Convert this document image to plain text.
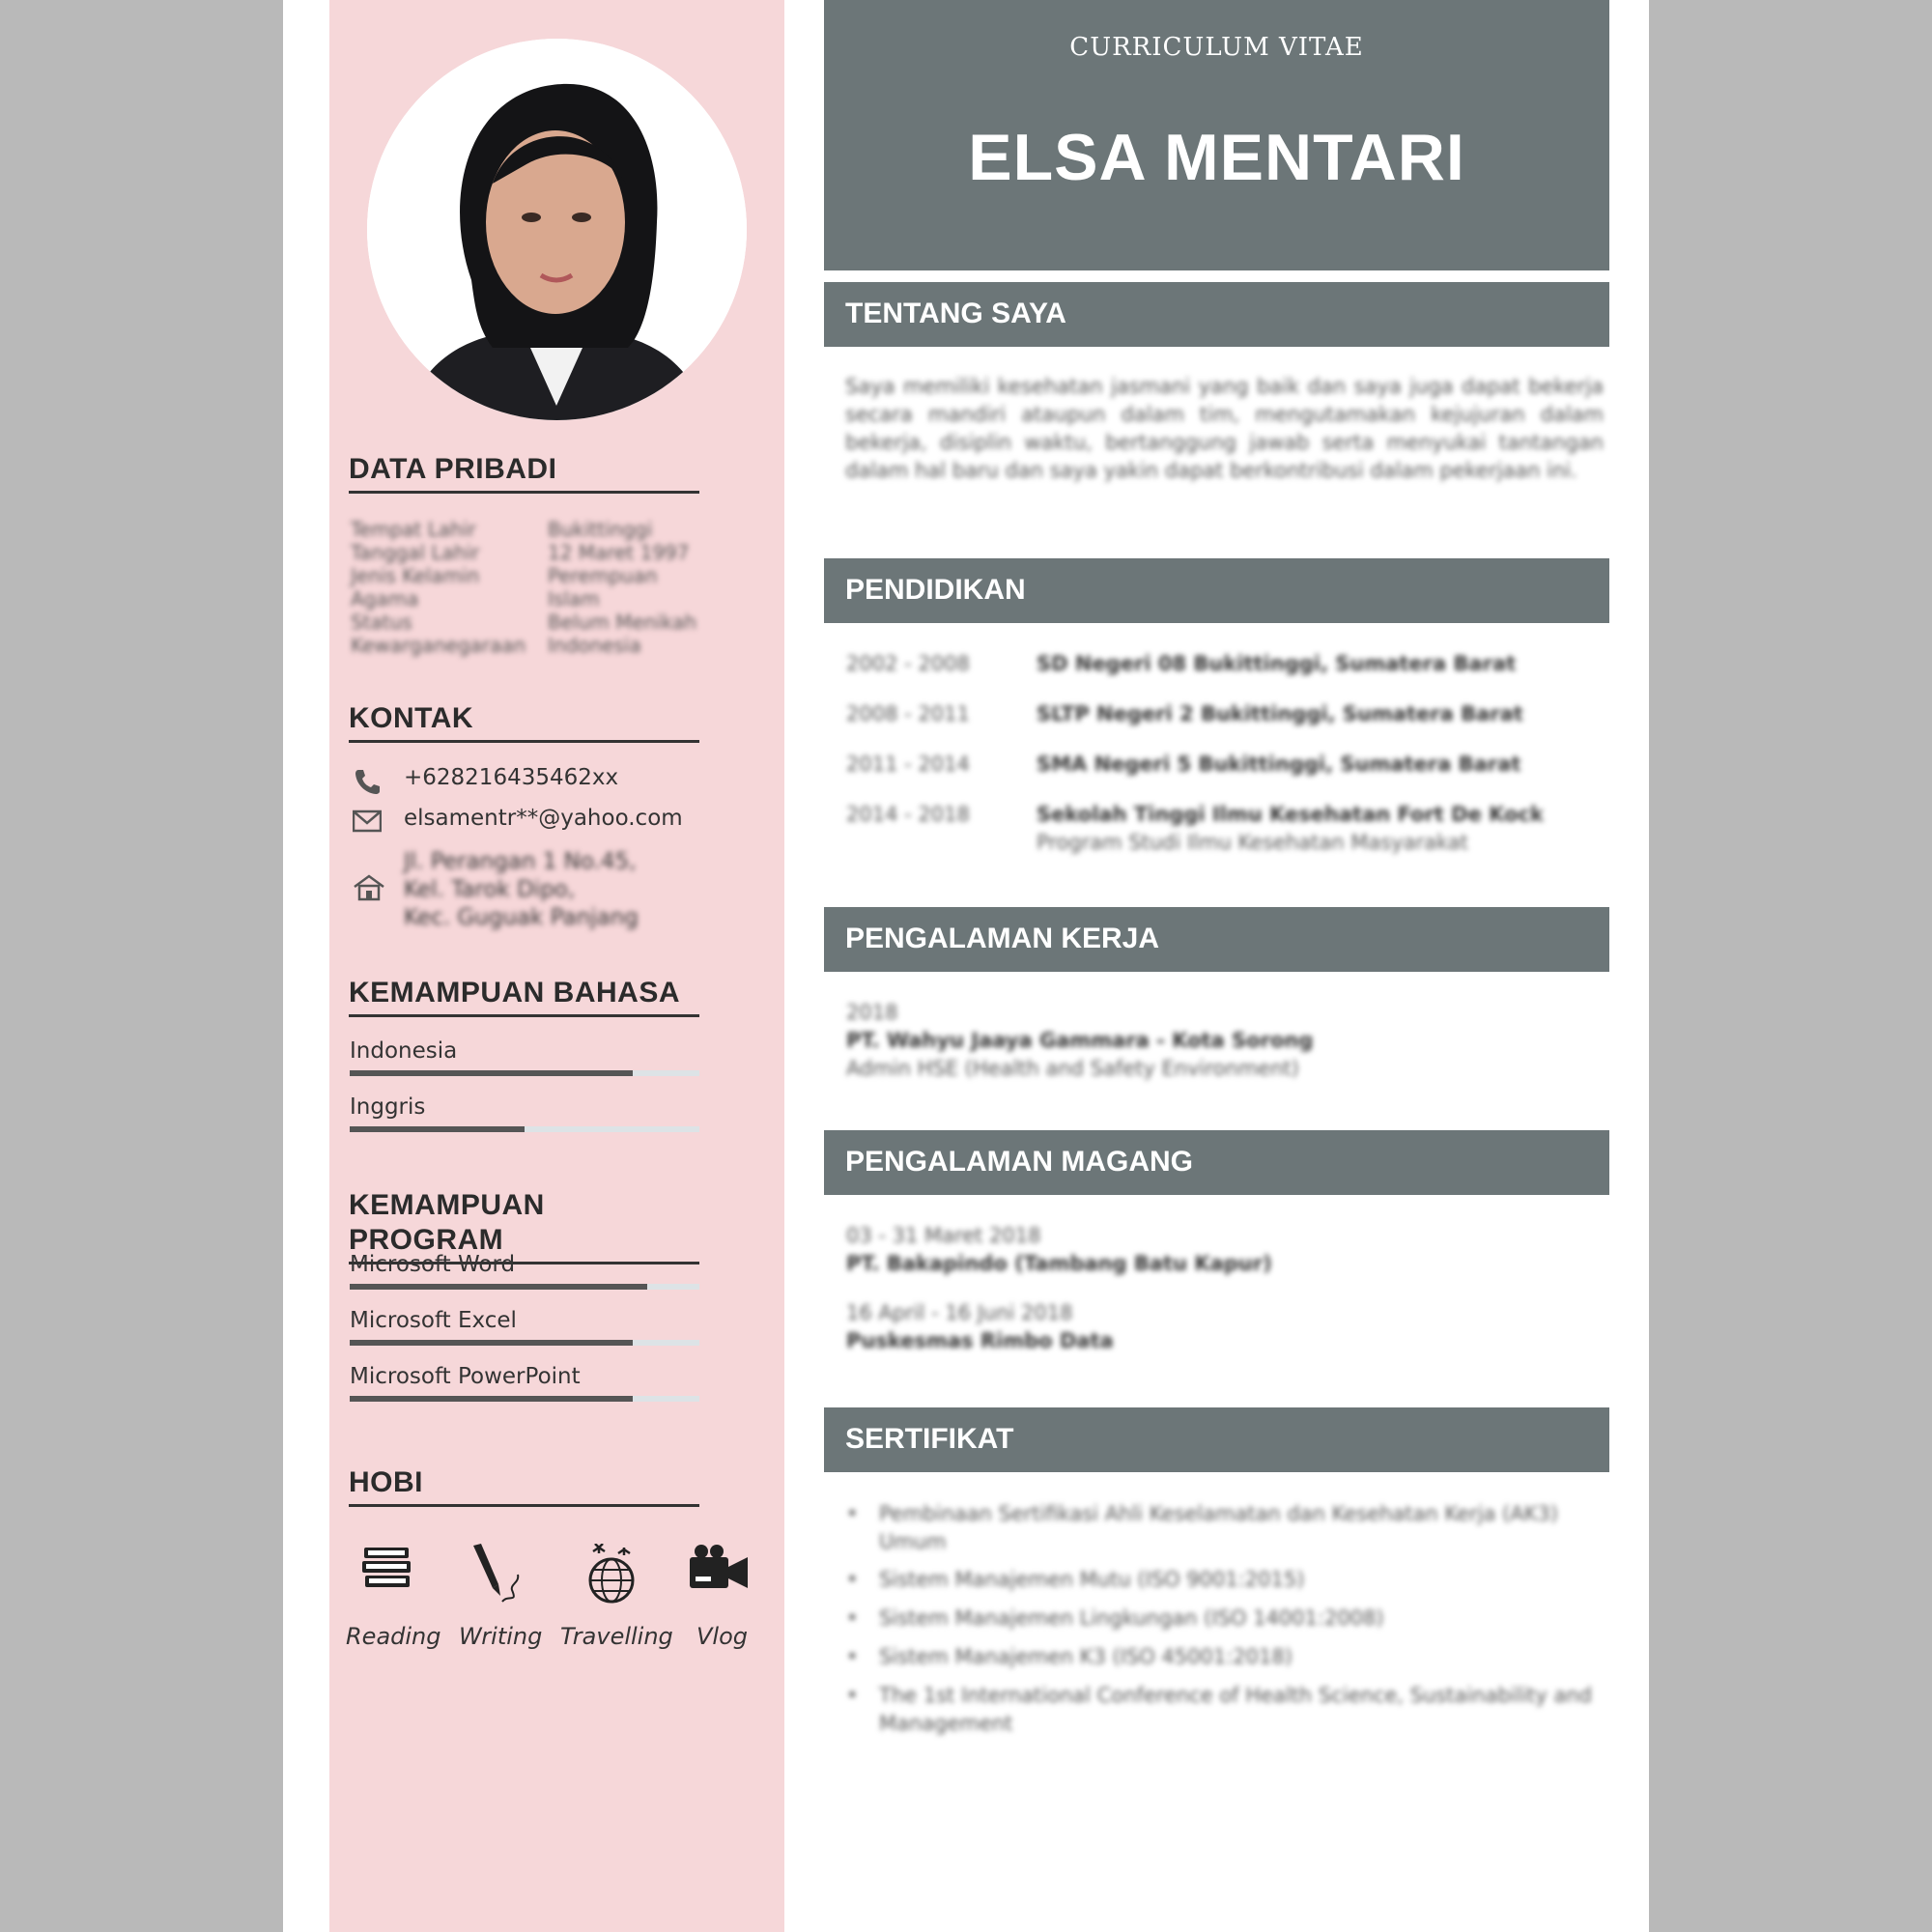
DATA PRIBADI
Tempat Lahir	Bukittinggi
Tanggal Lahir	12 Maret 1997
Jenis Kelamin	Perempuan
Agama	Islam
Status	Belum Menikah
Kewarganegaraan Indonesia
KONTAK
+628216435462xx
elsamentr**@yahoo.com
Jl. Perangan 1 No.45,
Kel. Tarok Dipo,
Kec. Guguak Panjang
KEMAMPUAN BAHASA
Indonesia
Inggris
KEMAMPUAN PROGRAM
Microsoft Word
Microsoft Excel
Microsoft PowerPoint
HOBI
Reading Writing Travelling Vlog
CURRICULUM VITAE
ELSA MENTARI
TENTANG SAYA
Saya memiliki kesehatan jasmani yang baik dan saya juga dapat bekerja secara mandiri ataupun dalam tim, mengutamakan kejujuran dalam bekerja, disiplin waktu, bertanggung jawab serta menyukai tantangan dalam hal baru dan saya yakin dapat berkontribusi dalam pekerjaan ini.
PENDIDIKAN
2002 - 2008	SD Negeri 08 Bukittinggi, Sumatera Barat
2008 - 2011	SLTP Negeri 2 Bukittinggi, Sumatera Barat
2011 - 2014	SMA Negeri 5 Bukittinggi, Sumatera Barat
2014 - 2018	Sekolah Tinggi Ilmu Kesehatan Fort De Kock
Program Studi Ilmu Kesehatan Masyarakat
PENGALAMAN KERJA
2018
PT. Wahyu Jaaya Gammara - Kota Sorong
Admin HSE (Health and Safety Environment)
PENGALAMAN MAGANG
03 - 31 Maret 2018
PT. Bakapindo (Tambang Batu Kapur)
16 April - 16 Juni 2018
Puskesmas Rimbo Data
SERTIFIKAT
• Pembinaan Sertifikasi Ahli Keselamatan dan Kesehatan Kerja (AK3) Umum
• Sistem Manajemen Mutu (ISO 9001:2015)
• Sistem Manajemen Lingkungan (ISO 14001:2008)
• Sistem Manajemen K3 (ISO 45001:2018)
• The 1st International Conference of Health Science, Sustainability and Management
